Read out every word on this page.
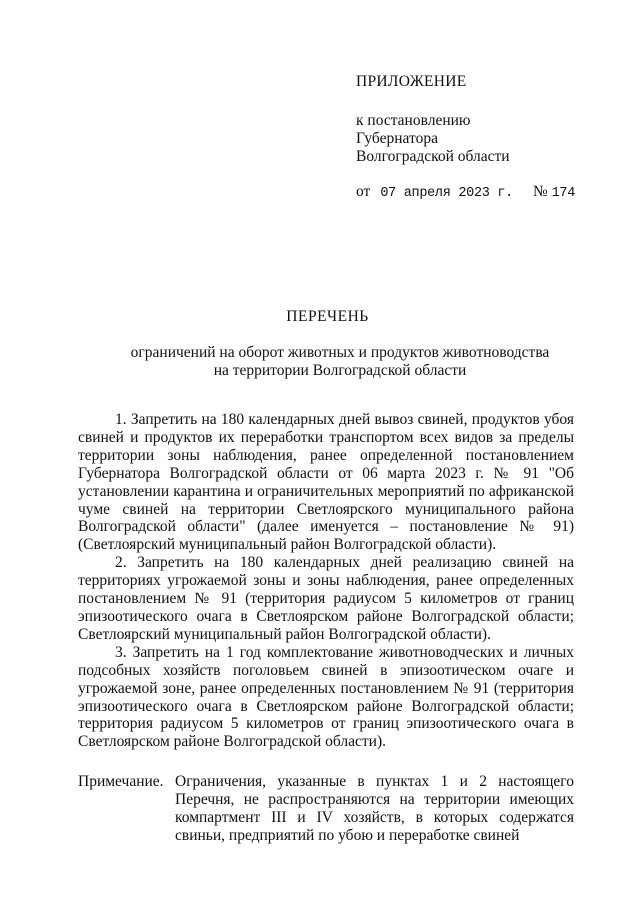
ПРИЛОЖЕНИЕ
к постановлению
Губернатора
Волгоградской области
от 07 апреля 2023 г. № 174
ПЕРЕЧЕНЬ
ограничений на оборот животных и продуктов животноводства
на территории Волгоградской области

1. Запретить на 180 календарных дней вывоз свиней, продуктов убоя свиней и продуктов их переработки транспортом всех видов за пределы территории зоны наблюдения, ранее определенной постановлением Губернатора Волгоградской области от 06 марта 2023 г. № 91 "Об установлении карантина и ограничительных мероприятий по африканской чуме свиней на территории Светлоярского муниципального района Волгоградской области" (далее именуется – постановление № 91) (Светлоярский муниципальный район Волгоградской области).

2. Запретить на 180 календарных дней реализацию свиней на территориях угрожаемой зоны и зоны наблюдения, ранее определенных постановлением № 91 (территория радиусом 5 километров от границ эпизоотического очага в Светлоярском районе Волгоградской области; Светлоярский муниципальный район Волгоградской области).

3. Запретить на 1 год комплектование животноводческих и личных подсобных хозяйств поголовьем свиней в эпизоотическом очаге и угрожаемой зоне, ранее определенных постановлением № 91 (территория эпизоотического очага в Светлоярском районе Волгоградской области; территория радиусом 5 километров от границ эпизоотического очага в Светлоярском районе Волгоградской области).

Примечание. Ограничения, указанные в пунктах 1 и 2 настоящего Перечня, не распространяются на территории имеющих компартмент III и IV хозяйств, в которых содержатся свиньи, предприятий по убою и переработке свиней
